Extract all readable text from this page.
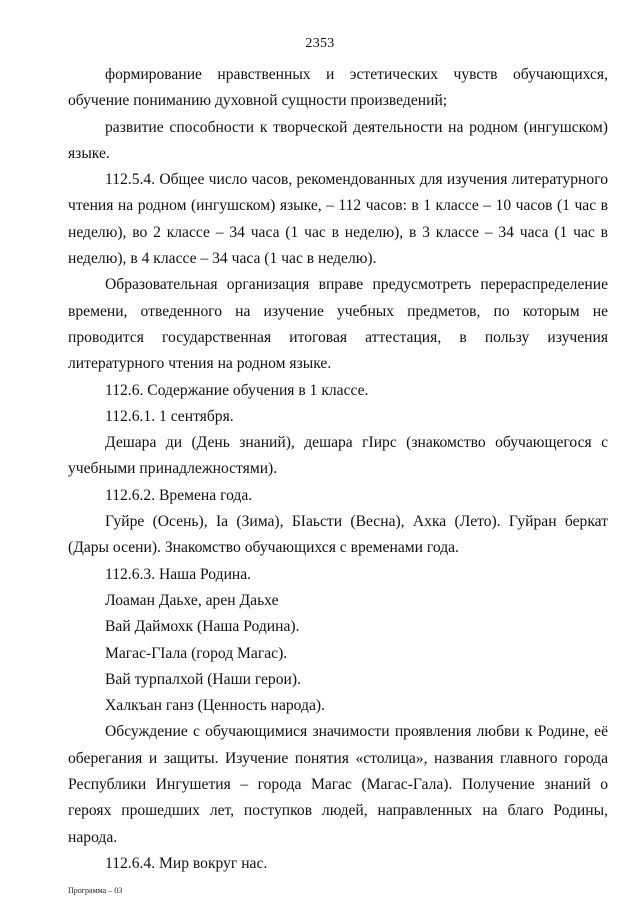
2353

формирование нравственных и эстетических чувств обучающихся, обучение пониманию духовной сущности произведений;

развитие способности к творческой деятельности на родном (ингушском) языке.

112.5.4. Общее число часов, рекомендованных для изучения литературного чтения на родном (ингушском) языке, – 112 часов: в 1 классе – 10 часов (1 час в неделю), во 2 классе – 34 часа (1 час в неделю), в 3 классе – 34 часа (1 час в неделю), в 4 классе – 34 часа (1 час в неделю).

Образовательная организация вправе предусмотреть перераспределение времени, отведенного на изучение учебных предметов, по которым не проводится государственная итоговая аттестация, в пользу изучения литературного чтения на родном языке.

112.6. Содержание обучения в 1 классе.

112.6.1. 1 сентября.

Дешара ди (День знаний), дешара гІирс (знакомство обучающегося с учебными принадлежностями).

112.6.2. Времена года.

Гуйре (Осень), Іа (Зима), БІаьсти (Весна), Ахка (Лето). Гуйран беркат (Дары осени). Знакомство обучающихся с временами года.

112.6.3. Наша Родина.

Лоаман Даьхе, арен Даьхе

Вай Даймохк (Наша Родина).

Магас-ГІала (город Магас).

Вай турпалхой (Наши герои).

Халкъан ганз (Ценность народа).

Обсуждение с обучающимися значимости проявления любви к Родине, её оберегания и защиты. Изучение понятия «столица», названия главного города Республики Ингушетия – города Магас (Магас-Гала). Получение знаний о героях прошедших лет, поступков людей, направленных на благо Родины, народа.

112.6.4. Мир вокруг нас.

Программа – 03
